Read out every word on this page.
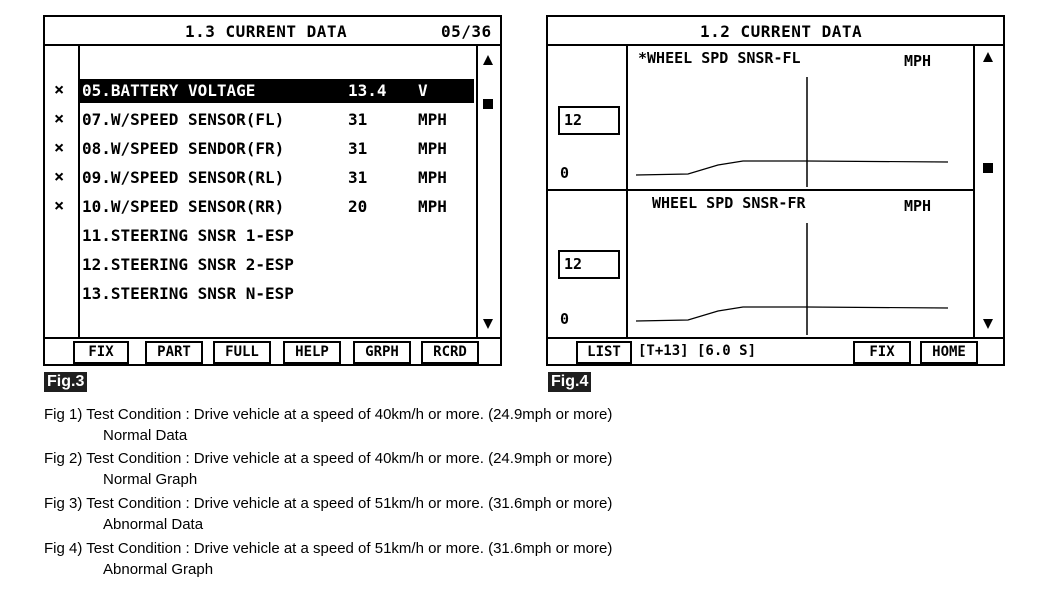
1.3 CURRENT DATA	05/36
× 05.BATTERY VOLTAGE	13.4 V
× 07.W/SPEED SENSOR(FL)	31	MPH
× 08.W/SPEED SENDOR(FR)	31	MPH
× 09.W/SPEED SENSOR(RL)	31	MPH
× 10.W/SPEED SENSOR(RR)	20	MPH
11.STEERING SNSR 1-ESP
12.STEERING SNSR 2-ESP
13.STEERING SNSR N-ESP
FIX	PART	FULL	HELP	GRPH	RCRD
Fig.3
1.2 CURRENT DATA
*WHEEL SPD SNSR-FL	MPH
12
0
WHEEL SPD SNSR-FR	MPH
12
0
LIST	[T+13] [6.0 S]	FIX	HOME
Fig.4
Fig 1) Test Condition : Drive vehicle at a speed of 40km/h or more. (24.9mph or more)
Normal Data
Fig 2) Test Condition : Drive vehicle at a speed of 40km/h or more. (24.9mph or more)
Normal Graph
Fig 3) Test Condition : Drive vehicle at a speed of 51km/h or more. (31.6mph or more)
Abnormal Data
Fig 4) Test Condition : Drive vehicle at a speed of 51km/h or more. (31.6mph or more)
Abnormal Graph
